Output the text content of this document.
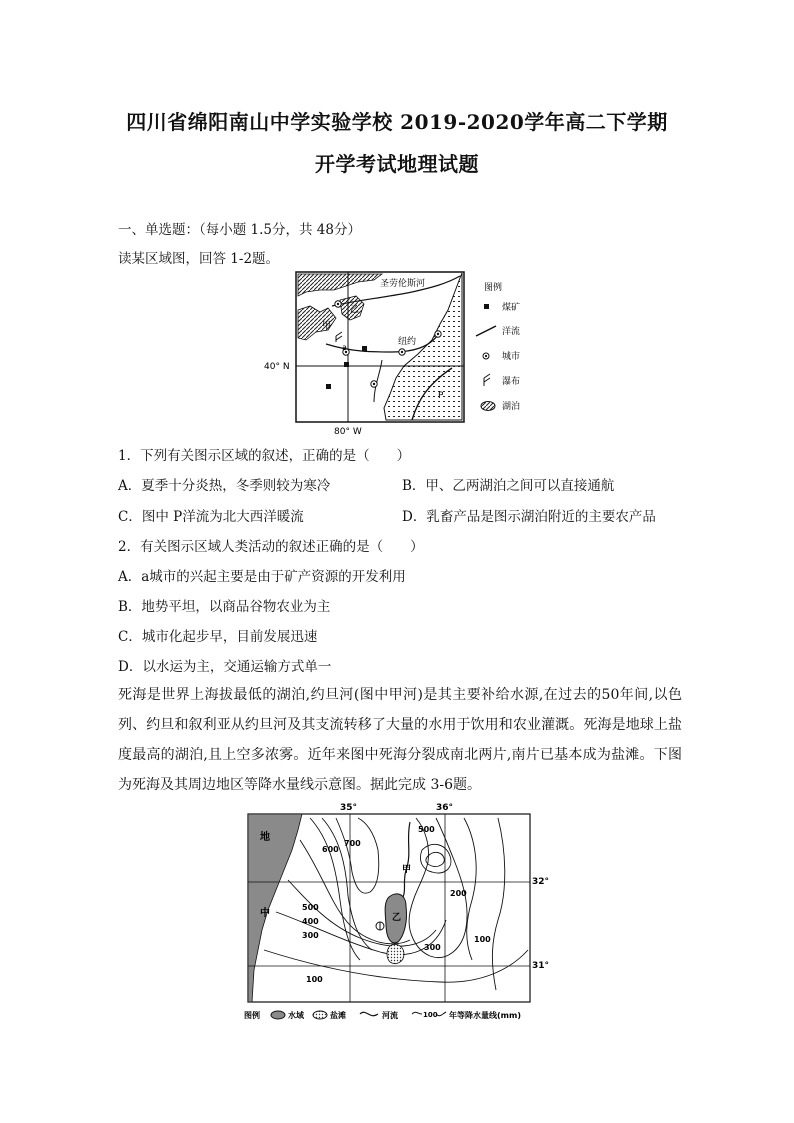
四川省绵阳南山中学实验学校 2019-2020学年高二下学期
开学考试地理试题
一、单选题：（每小题 1.5分，共 48分）
读某区域图，回答 1-2题。
圣劳伦斯河
甲
乙
a
纽约
40° N
80° W
P
图例
煤矿
洋流
城市
瀑布
湖泊
1．下列有关图示区域的叙述，正确的是（　　）
A．夏季十分炎热，冬季则较为寒冷	B．甲、乙两湖泊之间可以直接通航
C．图中 P洋流为北大西洋暖流	D．乳畜产品是图示湖泊附近的主要农产品
2．有关图示区域人类活动的叙述正确的是（　　）
A．a城市的兴起主要是由于矿产资源的开发利用
B．地势平坦，以商品谷物农业为主
C．城市化起步早，目前发展迅速
D．以水运为主，交通运输方式单一
死海是世界上海拔最低的湖泊,约旦河(图中甲河)是其主要补给水源,在过去的50年间,以色列、约旦和叙利亚从约旦河及其支流转移了大量的水用于饮用和农业灌溉。死海是地球上盐度最高的湖泊,且上空多浓雾。近年来图中死海分裂成南北两片,南片已基本成为盐滩。下图为死海及其周边地区等降水量线示意图。据此完成 3-6题。
35°	36°
32°
31°
地
中
海
甲
乙
700
600
500
400
300
100
500
200
300
100
图例	水域	盐滩	河流	100 年等降水量线(mm)
